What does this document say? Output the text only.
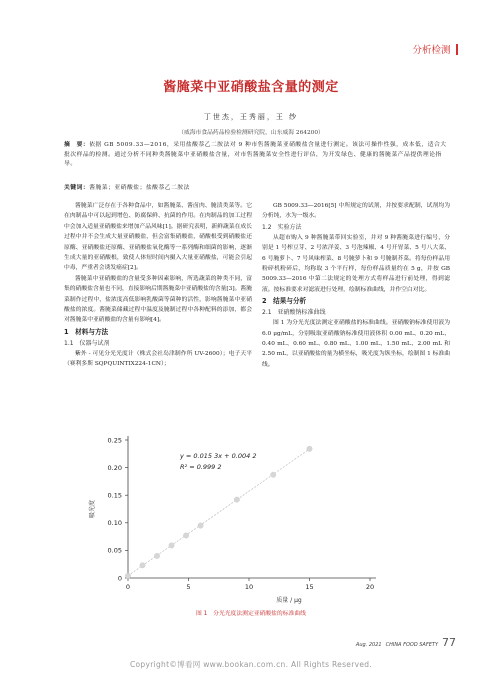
分析检测
酱腌菜中亚硝酸盐含量的测定
丁世杰，王秀丽，王 纱
（威海市食品药品检验检测研究院，山东威海 264200）
摘　要：依据 GB 5009.33—2016，采用盐酸萘乙二胺法对 9 种市售酱腌菜亚硝酸盐含量进行测定。该法可操作性强，成本低，适合大批次样品的检测。通过分析不同种类酱腌菜中亚硝酸盐含量，对市售酱腌菜安全性进行评估，为开发绿色、健康的酱腌菜产品提供理论指导。
关键词：酱腌菜；亚硝酸盐；盐酸萘乙二胺法

酱腌菜广泛存在于各种食品中，如酱腌菜、酱卤肉、腌渍类菜等。它在肉制品中可以起到增色、防腐保鲜、抗菌的作用。在肉制品的加工过程中会加入适量亚硝酸盐来增加产品风味[1]。据研究表明，新鲜蔬菜在成长过程中并不会生成大量亚硝酸盐，但会富集硝酸盐，硝酸根受到硝酸盐还原酶、亚硝酸盐还原酶、亚硝酸盐氧化酶等一系列酶和细菌的影响，逐渐生成大量的亚硝酸根，致使人体短时间内摄入大量亚硝酸盐，可能会引起中毒，严重者会诱发癌症[2]。

酱腌菜中亚硝酸盐的含量受多种因素影响，所选蔬菜的种类不同，富集的硝酸盐含量也不同，直接影响后期酱腌菜中亚硝酸盐的含量[3]。酱腌菜制作过程中，盐浓度高低影响乳酸菌等菌种的活性，影响酱腌菜中亚硝酸盐的浓度。酱腌菜储藏过程中温度及腌制过程中各种配料的添加，都会对酱腌菜中亚硝酸盐的含量有影响[4]。

1　材料与方法
1.1　仪器与试剂

紫外 - 可见分光光度计（株式会社岛津制作所 UV-2600）；电子天平（赛利多斯 SQPQUINTIX224-1CN）；

GB 5009.33—2016[5] 中所规定的试剂，并按要求配制，试剂均为分析纯，水为一级水。

1.2　实验方法

从超市购入 9 种酱腌菜带回实验室，并对 9 种酱腌菜进行编号，分别是 1 号榨豆芽、2 号浓洋姜、3 号泡辣椒、4 号开胃菜、5 号八大菜、6 号腌萝卜、7 号风味榨菜、8 号腌萝卜和 9 号腌制芥菜。将每份样品用粉碎机粉碎后，均称取 3 个平行样，每份样品质量约在 5 g，并按 GB 5009.33—2016 中第二法规定的处理方式将样品进行前处理，得到滤液。按标准要求对滤液进行处理，绘制标准曲线，并作空白对比。

2　结果与分析
2.1　亚硝酸钠标准曲线

图 1 为分光光度法测定亚硝酸盐的标准曲线。亚硝酸钠标准使用液为 6.0 μg/mL，分别吸取亚硝酸钠标准使用液体积 0.00 mL、0.20 mL、0.40 mL、0.60 mL、0.80 mL、1.00 mL、1.50 mL、2.00 mL 和 2.50 mL，以亚硝酸盐的量为横坐标，吸光度为纵坐标，绘制图 1 标准曲线。

0	5	10	15	20
0
0.05
0.10
0.15
0.20
0.25
y = 0.015 3x + 0.004 2
R² = 0.999 2
质量 / μg
吸光度
图 1　分光光度法测定亚硝酸盐的标准曲线
Aug. 2021 CHINA FOOD SAFETY 77
Copyright©博看网 www.bookan.com.cn. All Rights Reserved.
